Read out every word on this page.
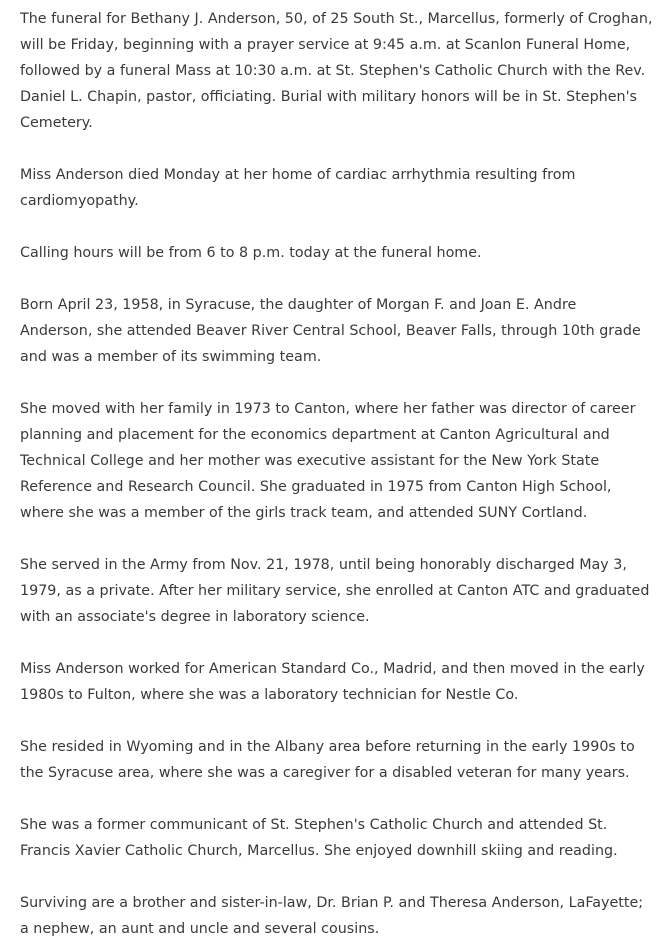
The funeral for Bethany J. Anderson, 50, of 25 South St., Marcellus, formerly of Croghan, will be Friday, beginning with a prayer service at 9:45 a.m. at Scanlon Funeral Home, followed by a funeral Mass at 10:30 a.m. at St. Stephen's Catholic Church with the Rev. Daniel L. Chapin, pastor, officiating. Burial with military honors will be in St. Stephen's Cemetery.

Miss Anderson died Monday at her home of cardiac arrhythmia resulting from cardiomyopathy.

Calling hours will be from 6 to 8 p.m. today at the funeral home.

Born April 23, 1958, in Syracuse, the daughter of Morgan F. and Joan E. Andre Anderson, she attended Beaver River Central School, Beaver Falls, through 10th grade and was a member of its swimming team.

She moved with her family in 1973 to Canton, where her father was director of career planning and placement for the economics department at Canton Agricultural and Technical College and her mother was executive assistant for the New York State Reference and Research Council. She graduated in 1975 from Canton High School, where she was a member of the girls track team, and attended SUNY Cortland.

She served in the Army from Nov. 21, 1978, until being honorably discharged May 3, 1979, as a private. After her military service, she enrolled at Canton ATC and graduated with an associate's degree in laboratory science.

Miss Anderson worked for American Standard Co., Madrid, and then moved in the early 1980s to Fulton, where she was a laboratory technician for Nestle Co.

She resided in Wyoming and in the Albany area before returning in the early 1990s to the Syracuse area, where she was a caregiver for a disabled veteran for many years.

She was a former communicant of St. Stephen's Catholic Church and attended St. Francis Xavier Catholic Church, Marcellus. She enjoyed downhill skiing and reading.

Surviving are a brother and sister-in-law, Dr. Brian P. and Theresa Anderson, LaFayette; a nephew, an aunt and uncle and several cousins.
